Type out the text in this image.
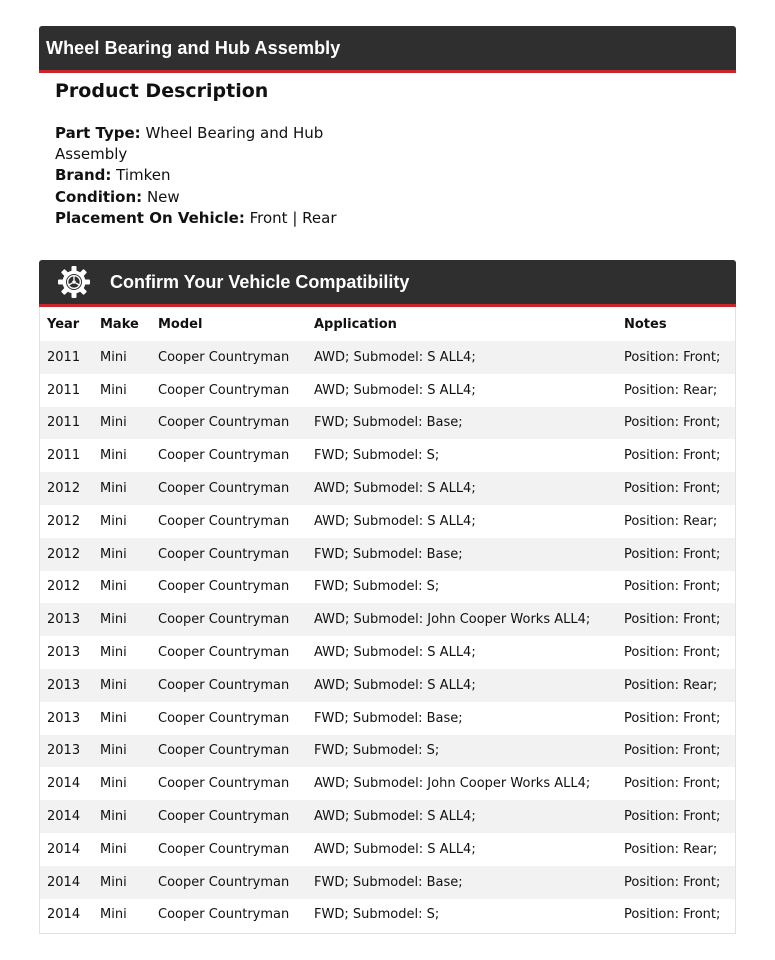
Wheel Bearing and Hub Assembly
Product Description
Part Type: Wheel Bearing and Hub Assembly
Brand: Timken
Condition: New
Placement On Vehicle: Front | Rear
Confirm Your Vehicle Compatibility
Year	Make	Model	Application	Notes
2011	Mini	Cooper Countryman	AWD; Submodel: S ALL4;	Position: Front;
2011	Mini	Cooper Countryman	AWD; Submodel: S ALL4;	Position: Rear;
2011	Mini	Cooper Countryman	FWD; Submodel: Base;	Position: Front;
2011	Mini	Cooper Countryman	FWD; Submodel: S;	Position: Front;
2012	Mini	Cooper Countryman	AWD; Submodel: S ALL4;	Position: Front;
2012	Mini	Cooper Countryman	AWD; Submodel: S ALL4;	Position: Rear;
2012	Mini	Cooper Countryman	FWD; Submodel: Base;	Position: Front;
2012	Mini	Cooper Countryman	FWD; Submodel: S;	Position: Front;
2013	Mini	Cooper Countryman	AWD; Submodel: John Cooper Works ALL4;	Position: Front;
2013	Mini	Cooper Countryman	AWD; Submodel: S ALL4;	Position: Front;
2013	Mini	Cooper Countryman	AWD; Submodel: S ALL4;	Position: Rear;
2013	Mini	Cooper Countryman	FWD; Submodel: Base;	Position: Front;
2013	Mini	Cooper Countryman	FWD; Submodel: S;	Position: Front;
2014	Mini	Cooper Countryman	AWD; Submodel: John Cooper Works ALL4;	Position: Front;
2014	Mini	Cooper Countryman	AWD; Submodel: S ALL4;	Position: Front;
2014	Mini	Cooper Countryman	AWD; Submodel: S ALL4;	Position: Rear;
2014	Mini	Cooper Countryman	FWD; Submodel: Base;	Position: Front;
2014	Mini	Cooper Countryman	FWD; Submodel: S;	Position: Front;
